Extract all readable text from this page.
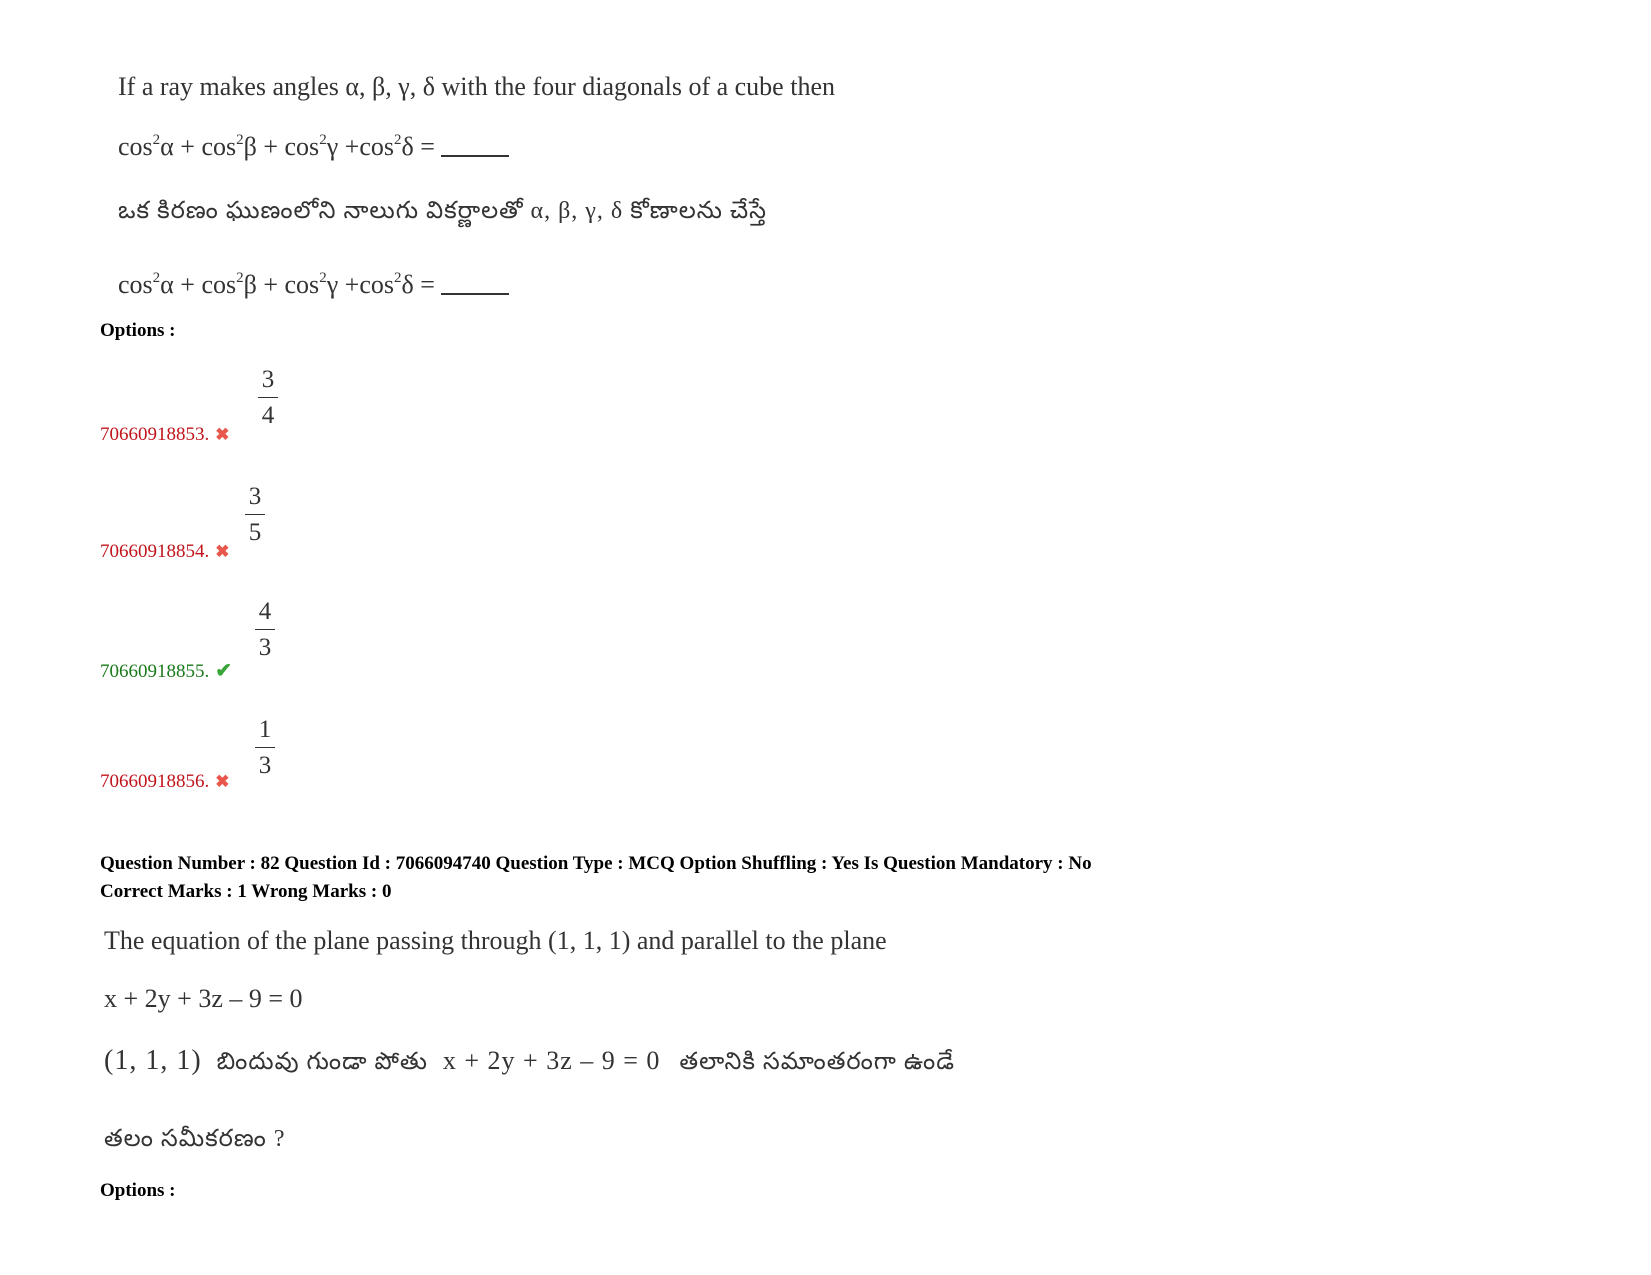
If a ray makes angles α, β, γ, δ with the four diagonals of a cube then
$\cos^2\alpha + \cos^2\beta + \cos^2\gamma +\cos^2\delta$ =
ఒక కిరణం ఘుణంలోని నాలుగు వికర్ణాలతో α, β, γ, δ కోణాలను చేస్తే
$\cos^2\alpha + \cos^2\beta + \cos^2\gamma +\cos^2\delta$ =
Options :
70660918853. ✖
3
4
70660918854. ✖
3
5
70660918855. ✔
4
3
70660918856. ✖
1
3
Question Number : 82 Question Id : 7066094740 Question Type : MCQ Option Shuffling : Yes Is Question Mandatory : No
Correct Marks : 1 Wrong Marks : 0
The equation of the plane passing through (1, 1, 1) and parallel to the plane
x + 2y + 3z – 9 = 0
(1, 1, 1) బిందువు గుండా పోతు x + 2y + 3z – 9 = 0 తలానికి సమాంతరంగా ఉండే
తలం సమీకరణం ?
Options :
